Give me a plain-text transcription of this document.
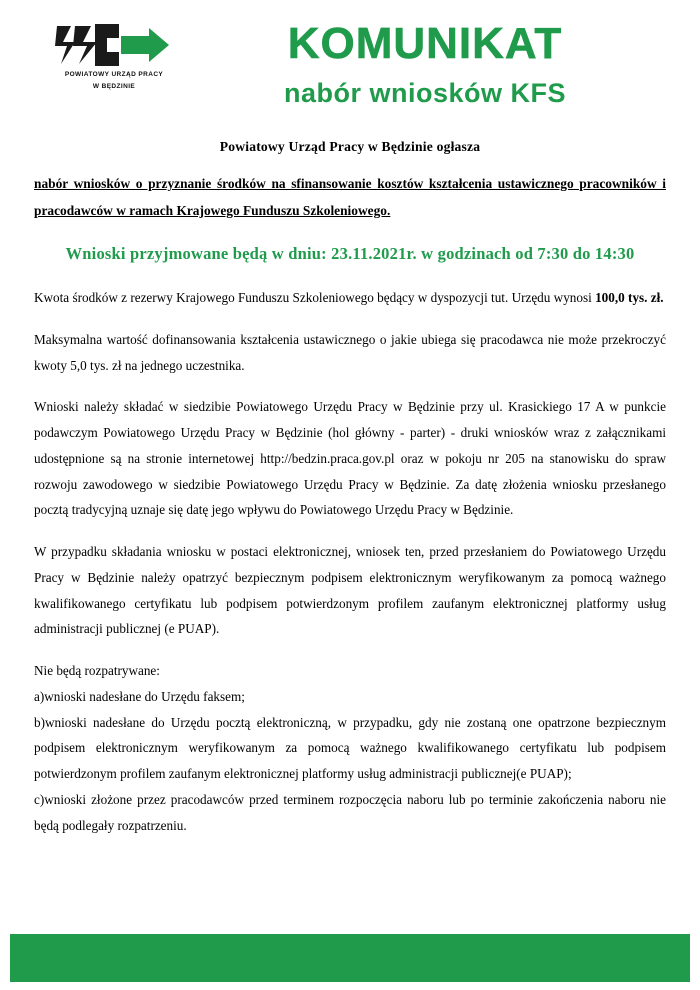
POWIATOWY URZĄD PRACY
W BĘDZINIE
KOMUNIKAT
nabór wniosków KFS
Powiatowy Urząd Pracy w Będzinie ogłasza
nabór wniosków o przyznanie środków na sfinansowanie kosztów kształcenia ustawicznego pracowników i pracodawców w ramach Krajowego Funduszu Szkoleniowego.
Wnioski przyjmowane będą w dniu: 23.11.2021r. w godzinach od 7:30 do 14:30
Kwota środków z rezerwy Krajowego Funduszu Szkoleniowego będący w dyspozycji tut. Urzędu wynosi 100,0 tys. zł.
Maksymalna wartość dofinansowania kształcenia ustawicznego o jakie ubiega się pracodawca nie może przekroczyć kwoty 5,0 tys. zł na jednego uczestnika.
Wnioski należy składać w siedzibie Powiatowego Urzędu Pracy w Będzinie przy ul. Krasickiego 17 A w punkcie podawczym Powiatowego Urzędu Pracy w Będzinie (hol główny - parter) - druki wniosków wraz z załącznikami udostępnione są na stronie internetowej http://bedzin.praca.gov.pl oraz w pokoju nr 205 na stanowisku do spraw rozwoju zawodowego w siedzibie Powiatowego Urzędu Pracy w Będzinie. Za datę złożenia wniosku przesłanego pocztą tradycyjną uznaje się datę jego wpływu do Powiatowego Urzędu Pracy w Będzinie.
W przypadku składania wniosku w postaci elektronicznej, wniosek ten, przed przesłaniem do Powiatowego Urzędu Pracy w Będzinie należy opatrzyć bezpiecznym podpisem elektronicznym weryfikowanym za pomocą ważnego kwalifikowanego certyfikatu lub podpisem potwierdzonym profilem zaufanym elektronicznej platformy usług administracji publicznej (e PUAP).
Nie będą rozpatrywane:
a)wnioski nadesłane do Urzędu faksem;
b)wnioski nadesłane do Urzędu pocztą elektroniczną, w przypadku, gdy nie zostaną one opatrzone bezpiecznym podpisem elektronicznym weryfikowanym za pomocą ważnego kwalifikowanego certyfikatu lub podpisem potwierdzonym profilem zaufanym elektronicznej platformy usług administracji publicznej(e PUAP);
c)wnioski złożone przez pracodawców przed terminem rozpoczęcia naboru lub po terminie zakończenia naboru nie będą podlegały rozpatrzeniu.
